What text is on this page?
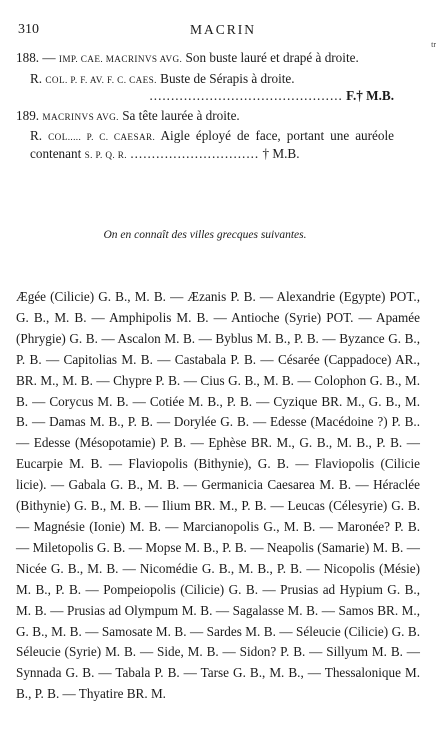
310	MACRIN
tr
188. — IMP. CAE. MACRINVS AVG. Son buste lauré et drapé à droite.
R. COL. P. F. AV. F. C. CAES. Buste de Sérapis à droite.
............................................. F.† M.B.
189. MACRINVS AVG. Sa tête laurée à droite.
R. COL..... P. C. CAESAR. Aigle éployé de face, portant une auréole contenant S. P. Q. R. .............................. † M.B.
On en connaît des villes grecques suivantes.

Ægée (Cilicie) G. B., M. B. — Æzanis P. B. — Alexandrie (Egypte) POT., G. B., M. B. — Amphipolis M. B. — Antioche (Syrie) POT. — Apamée (Phrygie) G. B. — Ascalon M. B. — Byblus M. B., P. B. — Byzance G. B., P. B. — Capitolias M. B. — Castabala P. B. — Césarée (Cappadoce) AR., BR. M., M. B. — Chypre P. B. — Cius G. B., M. B. — Colophon G. B., M. B. — Corycus M. B. — Cotiée M. B., P. B. — Cyzique BR. M., G. B., M. B. — Damas M. B., P. B. — Dorylée G. B. — Edesse (Macédoine ?) P. B.. — Edesse (Mésopotamie) P. B. — Ephèse BR. M., G. B., M. B., P. B. — Eucarpie M. B. — Flaviopolis (Bithynie), G. B. — Flaviopolis (Cilicie licie). — Gabala G. B., M. B. — Germanicia Caesarea M. B. — Héraclée (Bithynie) G. B., M. B. — Ilium BR. M., P. B. — Leucas (Célesyrie) G. B. — Magnésie (Ionie) M. B. — Marcianopolis G., M. B. — Maronée? P. B. — Miletopolis G. B. — Mopse M. B., P. B. — Neapolis (Samarie) M. B. — Nicée G. B., M. B. — Nicomédie G. B., M. B., P. B. — Nicopolis (Mésie) M. B., P. B. — Pompeiopolis (Cilicie) G. B. — Prusias ad Hypium G. B., M. B. — Prusias ad Olympum M. B. — Sagalasse M. B. — Samos BR. M., G. B., M. B. — Samosate M. B. — Sardes M. B. — Séleucie (Cilicie) G. B. Séleucie (Syrie) M. B. — Side, M. B. — Sidon? P. B. — Sillyum M. B. — Synnada G. B. — Tabala P. B. — Tarse G. B., M. B., — Thessalonique M. B., P. B. — Thyatire BR. M.
